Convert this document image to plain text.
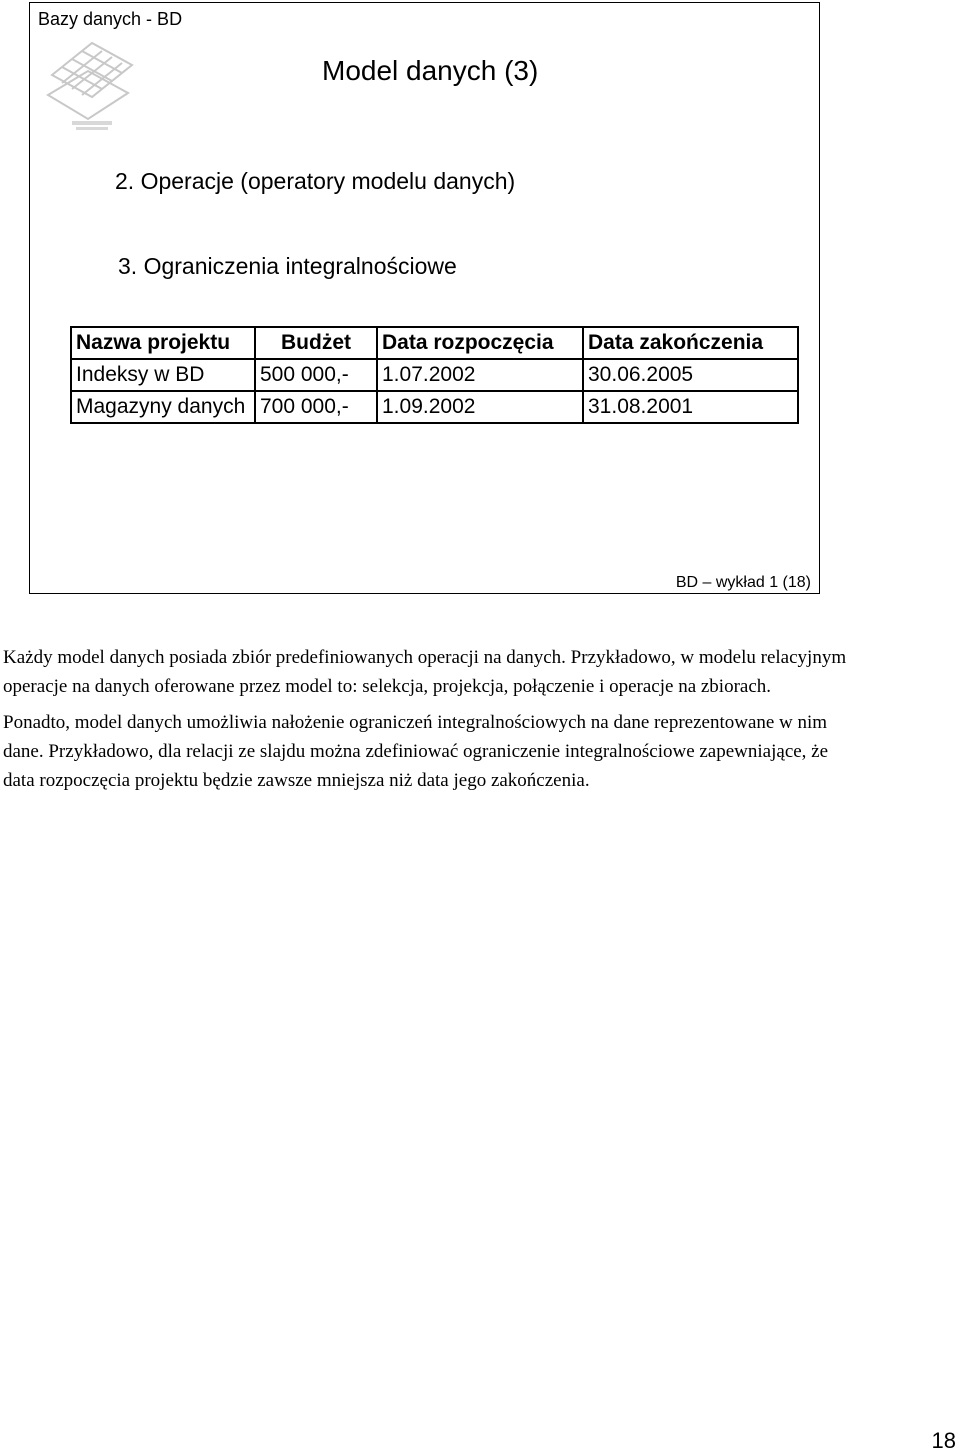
Bazy danych - BD
Model danych (3)
2. Operacje (operatory modelu danych)
3. Ograniczenia integralnościowe
Nazwa projektu	Budżet	Data rozpoczęcia	Data zakończenia
Indeksy w BD	500 000,-	1.07.2002	30.06.2005
Magazyny danych	700 000,-	1.09.2002	31.08.2001
BD – wykład 1 (18)

Każdy model danych posiada zbiór predefiniowanych operacji na danych. Przykładowo, w modelu relacyjnym operacje na danych oferowane przez model to: selekcja, projekcja, połączenie i operacje na zbiorach.

Ponadto, model danych umożliwia nałożenie ograniczeń integralnościowych na dane reprezentowane w nim dane. Przykładowo, dla relacji ze slajdu można zdefiniować ograniczenie integralnościowe zapewniające, że data rozpoczęcia projektu będzie zawsze mniejsza niż data jego zakończenia.

18
